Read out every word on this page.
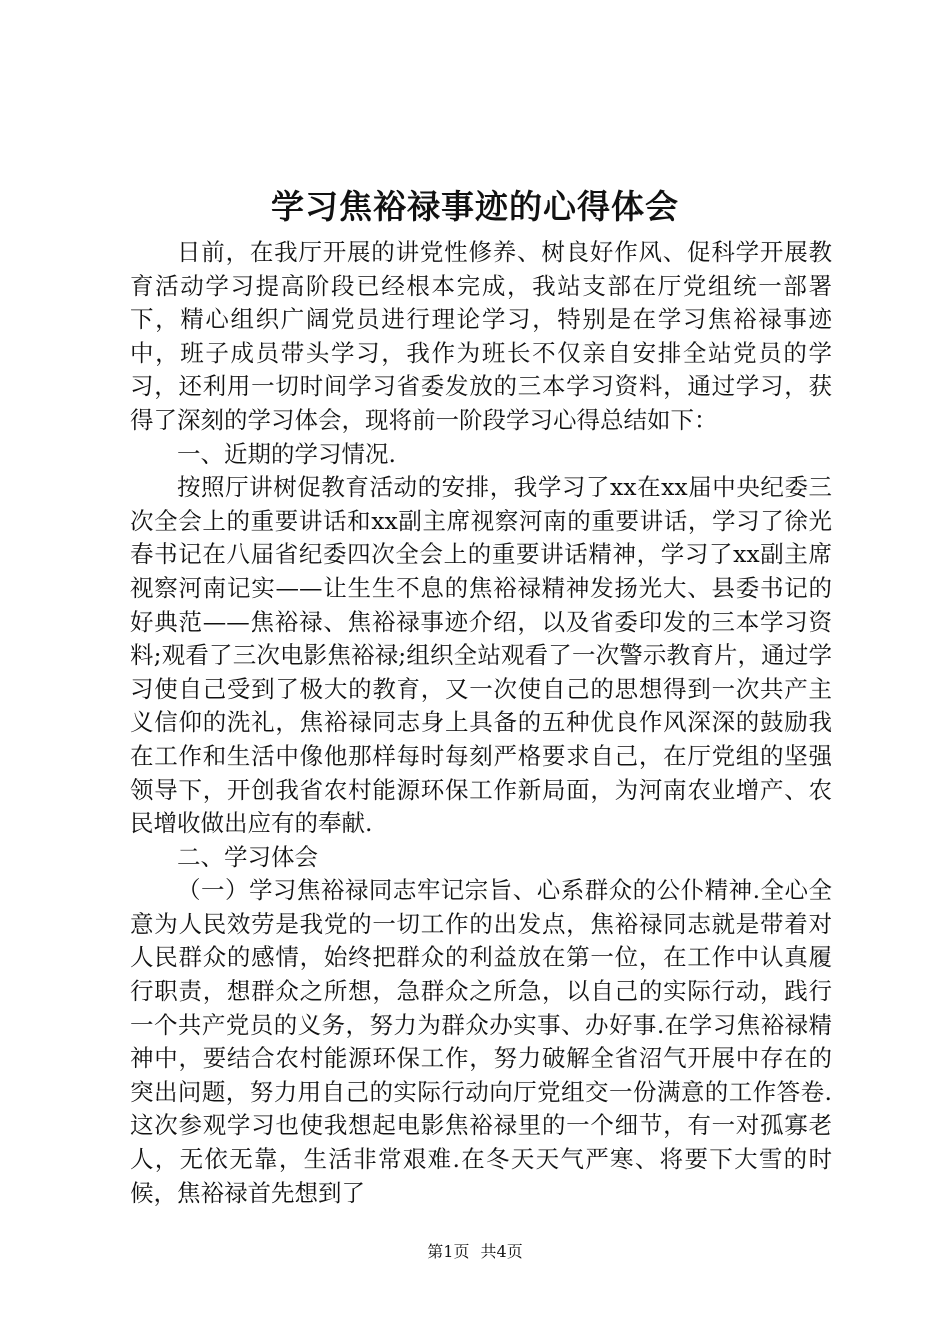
学习焦裕禄事迹的心得体会

日前，在我厅开展的讲党性修养、树良好作风、促科学开展教育活动学习提高阶段已经根本完成，我站支部在厅党组统一部署下，精心组织广阔党员进行理论学习，特别是在学习焦裕禄事迹中，班子成员带头学习，我作为班长不仅亲自安排全站党员的学习，还利用一切时间学习省委发放的三本学习资料，通过学习，获得了深刻的学习体会，现将前一阶段学习心得总结如下：

一、近期的学习情况.

按照厅讲树促教育活动的安排，我学习了xx在xx届中央纪委三次全会上的重要讲话和xx副主席视察河南的重要讲话，学习了徐光春书记在八届省纪委四次全会上的重要讲话精神，学习了xx副主席视察河南记实——让生生不息的焦裕禄精神发扬光大、县委书记的好典范——焦裕禄、焦裕禄事迹介绍，以及省委印发的三本学习资料;观看了三次电影焦裕禄;组织全站观看了一次警示教育片，通过学习使自己受到了极大的教育，又一次使自己的思想得到一次共产主义信仰的洗礼，焦裕禄同志身上具备的五种优良作风深深的鼓励我在工作和生活中像他那样每时每刻严格要求自己，在厅党组的坚强领导下，开创我省农村能源环保工作新局面，为河南农业增产、农民增收做出应有的奉献.

二、学习体会

（一）学习焦裕禄同志牢记宗旨、心系群众的公仆精神.全心全意为人民效劳是我党的一切工作的出发点，焦裕禄同志就是带着对人民群众的感情，始终把群众的利益放在第一位，在工作中认真履行职责，想群众之所想，急群众之所急，以自己的实际行动，践行一个共产党员的义务，努力为群众办实事、办好事.在学习焦裕禄精神中，要结合农村能源环保工作，努力破解全省沼气开展中存在的突出问题，努力用自己的实际行动向厅党组交一份满意的工作答卷.这次参观学习也使我想起电影焦裕禄里的一个细节，有一对孤寡老人，无依无靠，生活非常艰难.在冬天天气严寒、将要下大雪的时候，焦裕禄首先想到了

第1页 共4页
